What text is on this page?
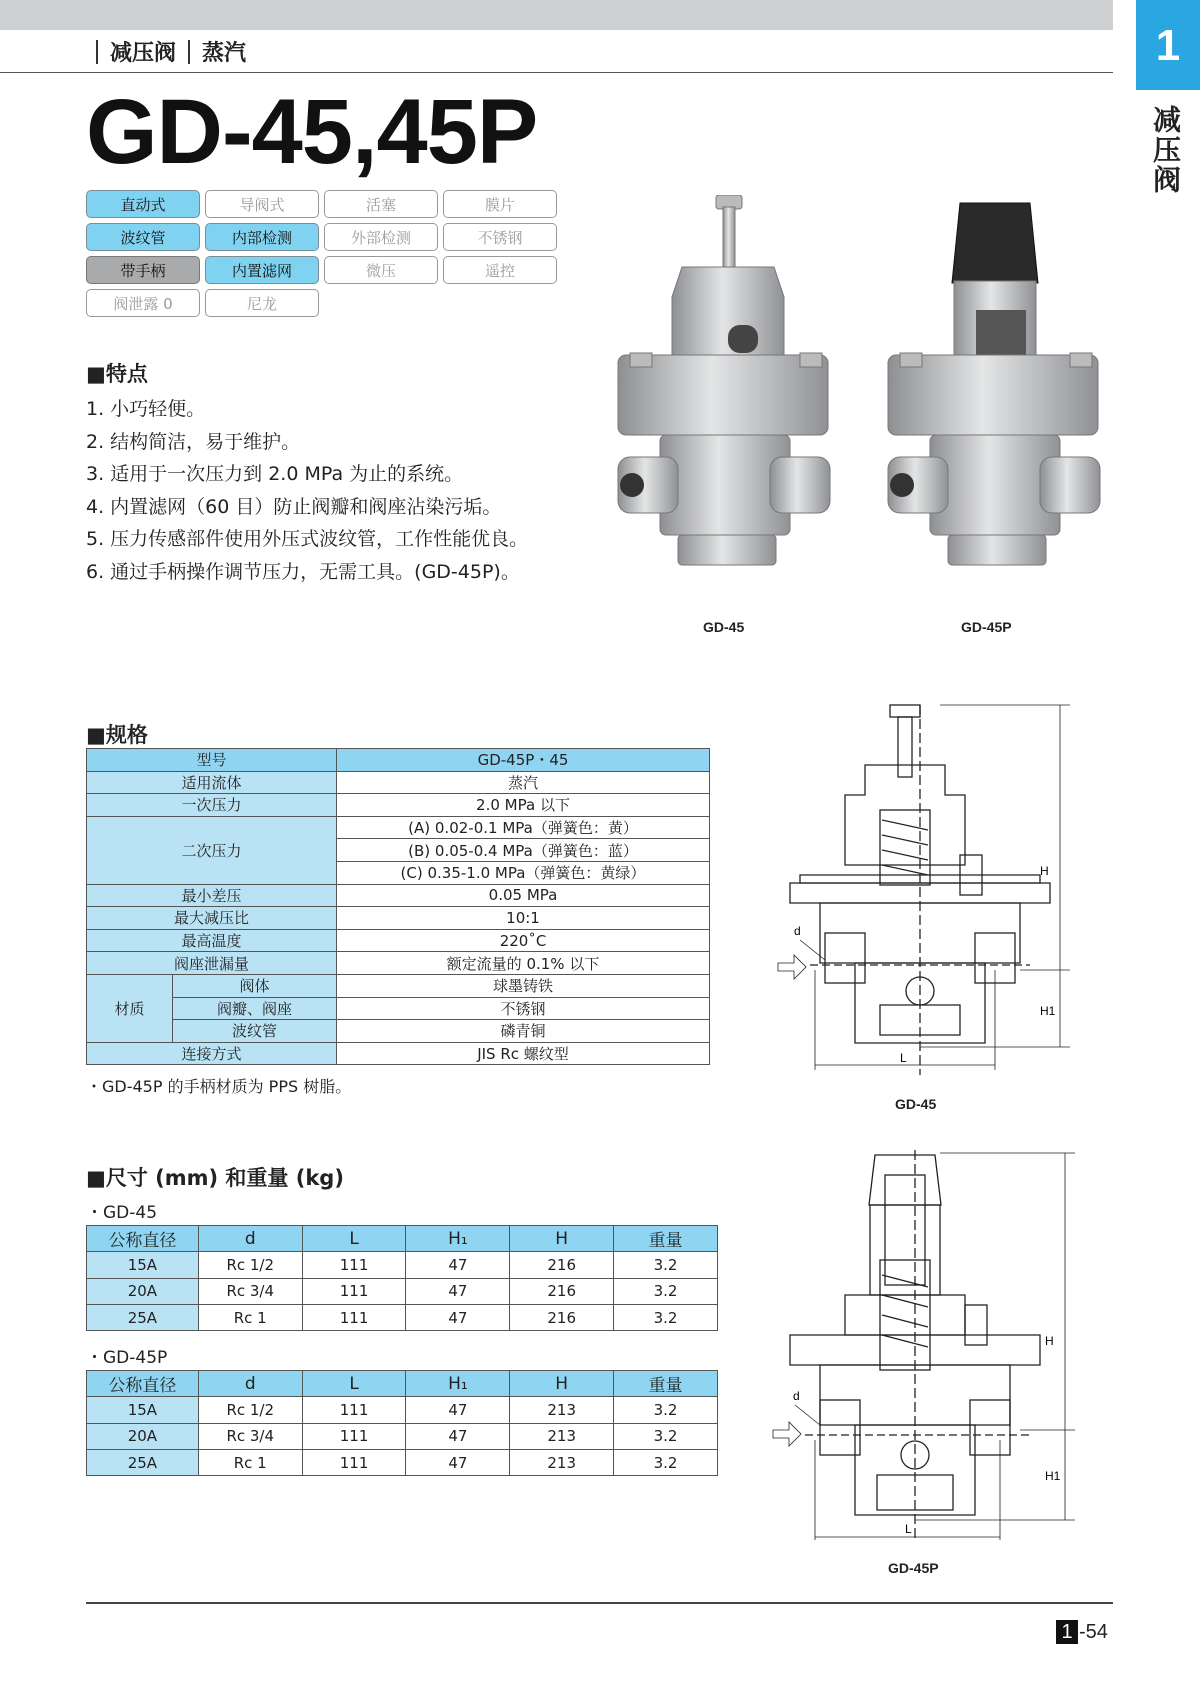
1
减压阀
减压阀 蒸汽
GD-45,45P
直动式	导阀式	活塞	膜片
波纹管	内部检测	外部检测	不锈钢
带手柄	内置滤网	微压	遥控
阀泄露 0	尼龙
■特点
1. 小巧轻便。
2. 结构简洁，易于维护。
3. 适用于一次压力到 2.0 MPa 为止的系统。
4. 内置滤网（60 目）防止阀瓣和阀座沾染污垢。
5. 压力传感部件使用外压式波纹管，工作性能优良。
6. 通过手柄操作调节压力，无需工具。(GD-45P)。
GD-45	GD-45P
■规格
型号		GD-45P・45
适用流体		蒸汽
一次压力		2.0 MPa 以下
二次压力		(A) 0.02-0.1 MPa（弹簧色：黄）
		(B) 0.05-0.4 MPa（弹簧色：蓝）
		(C) 0.35-1.0 MPa（弹簧色：黄绿）
最小差压		0.05 MPa
最大减压比		10:1
最高温度		220˚C
阀座泄漏量		额定流量的 0.1% 以下
材质	阀体	球墨铸铁
	阀瓣、阀座	不锈钢
	波纹管	磷青铜
连接方式		JIS Rc 螺纹型
・GD-45P 的手柄材质为 PPS 树脂。
■尺寸 (mm) 和重量 (kg)
・GD-45
公称直径	d	L	H₁	H	重量
15A	Rc 1/2	111	47	216	3.2
20A	Rc 3/4	111	47	216	3.2
25A	Rc 1	111	47	216	3.2
・GD-45P
公称直径	d	L	H₁	H	重量
15A	Rc 1/2	111	47	213	3.2
20A	Rc 3/4	111	47	213	3.2
25A	Rc 1	111	47	213	3.2
d
H
H1
L
GD-45
d
H
H1
L
GD-45P
1 -54
